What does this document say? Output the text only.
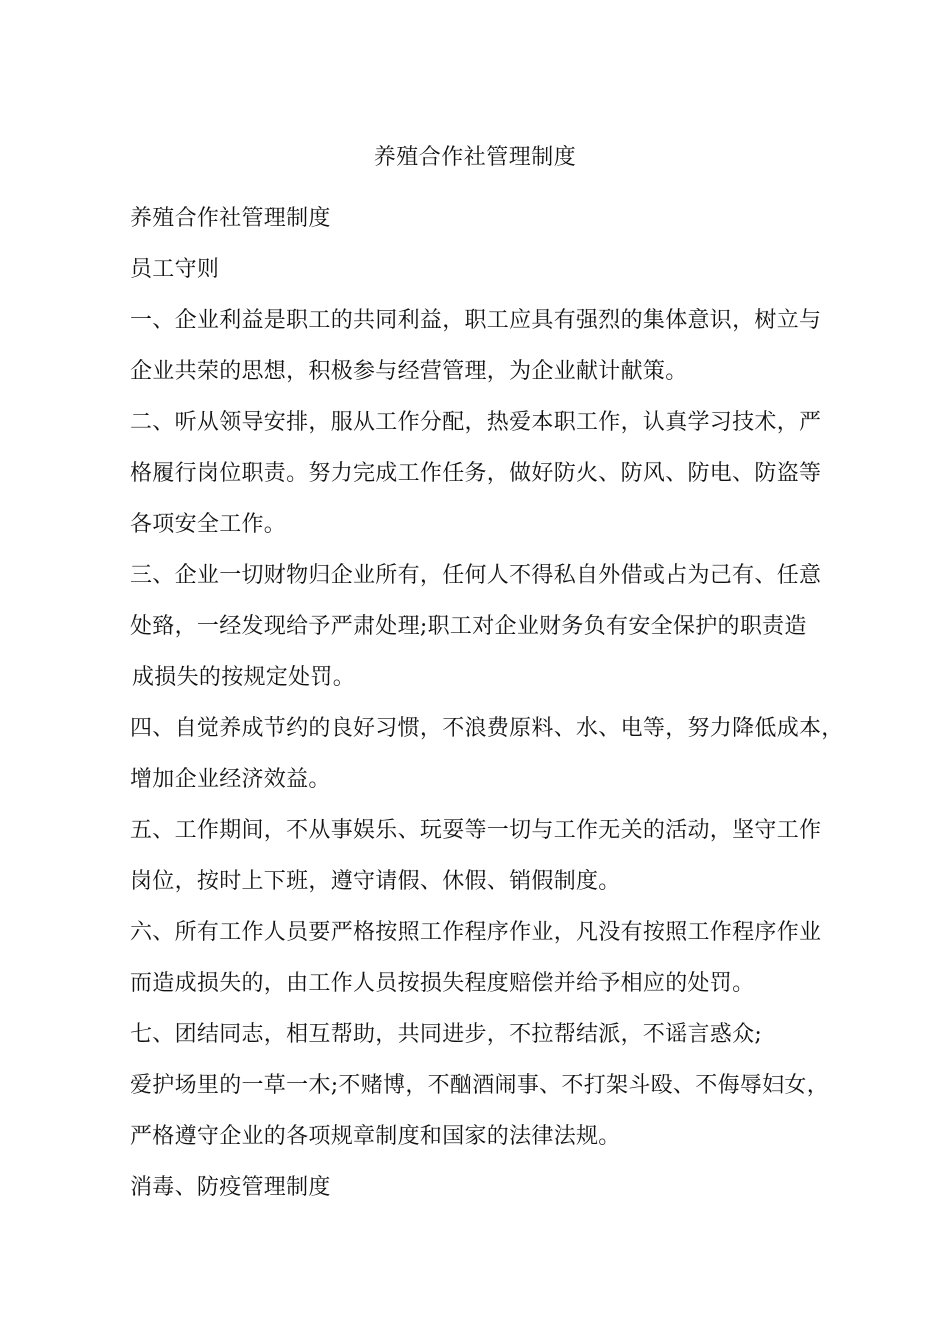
养殖合作社管理制度
养殖合作社管理制度
员工守则
一、企业利益是职工的共同利益，职工应具有强烈的集体意识，树立与
企业共荣的思想，积极参与经营管理，为企业献计献策。
二、听从领导安排，服从工作分配，热爱本职工作，认真学习技术，严
格履行岗位职责。努力完成工作任务，做好防火、防风、防电、防盗等
各项安全工作。
三、企业一切财物归企业所有，任何人不得私自外借或占为己有、任意
处臵，一经发现给予严肃处理;职工对企业财务负有安全保护的职责造
成损失的按规定处罚。
四、自觉养成节约的良好习惯，不浪费原料、水、电等，努力降低成本，
增加企业经济效益。
五、工作期间，不从事娱乐、玩耍等一切与工作无关的活动，坚守工作
岗位，按时上下班，遵守请假、休假、销假制度。
六、所有工作人员要严格按照工作程序作业，凡没有按照工作程序作业
而造成损失的，由工作人员按损失程度赔偿并给予相应的处罚。
七、团结同志，相互帮助，共同进步，不拉帮结派，不谣言惑众;
爱护场里的一草一木;不赌博，不酗酒闹事、不打架斗殴、不侮辱妇女，
严格遵守企业的各项规章制度和国家的法律法规。
消毒、防疫管理制度
